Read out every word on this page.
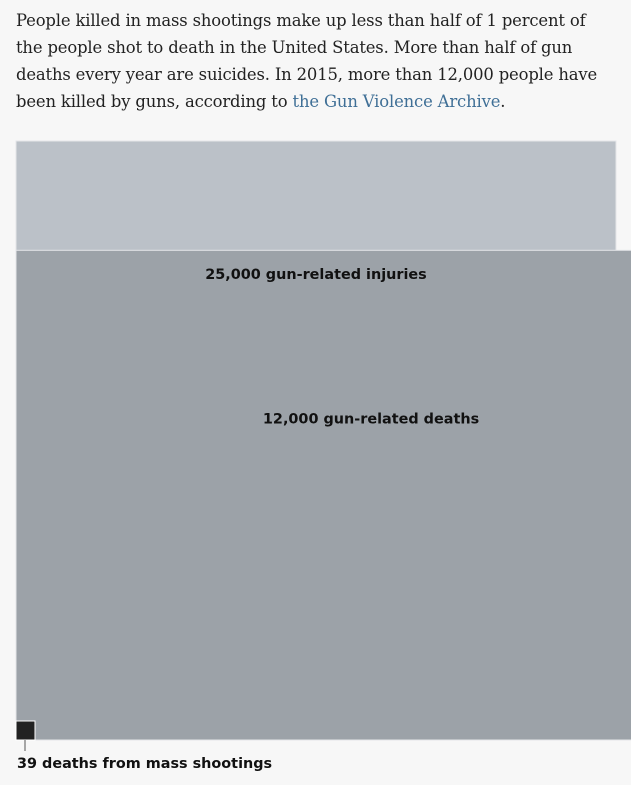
People killed in mass shootings make up less than half of 1 percent of the people shot to death in the United States. More than half of gun deaths every year are suicides. In 2015, more than 12,000 people have been killed by guns, according to the Gun Violence Archive.

25,000 gun-related injuries
12,000 gun-related deaths
39 deaths from mass shootings
